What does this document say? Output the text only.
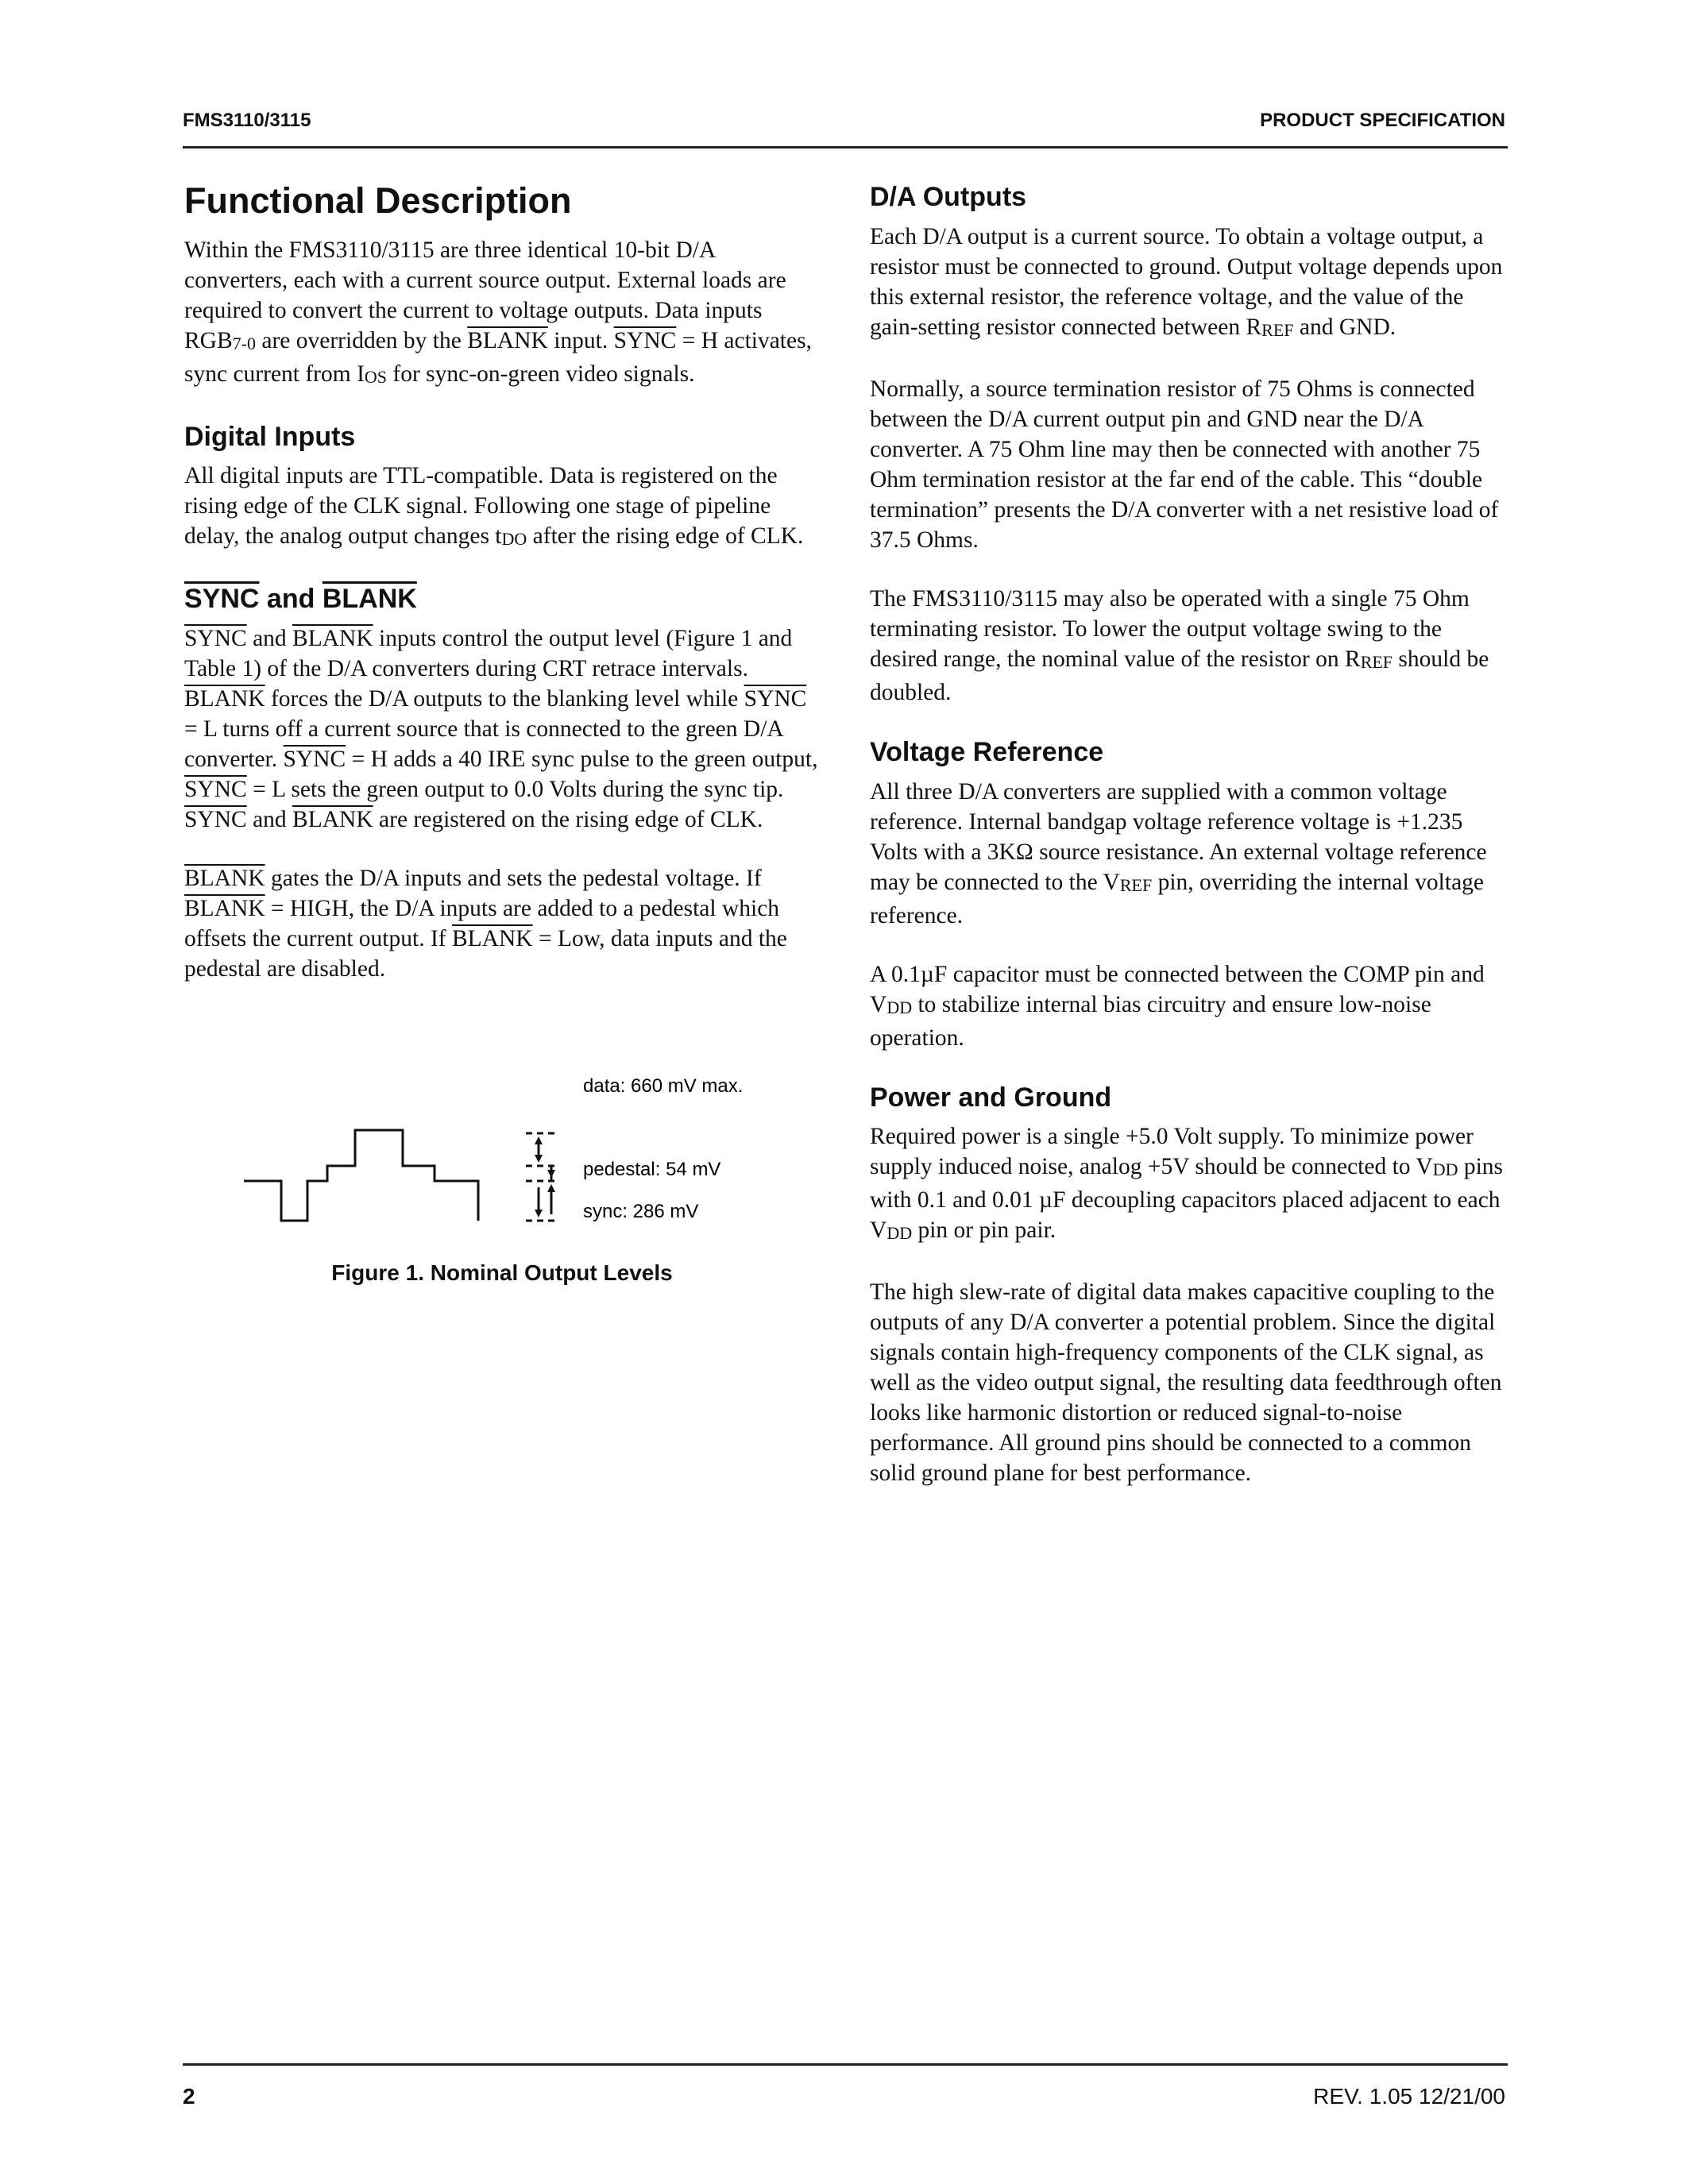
FMS3110/3115	PRODUCT SPECIFICATION
Functional Description

Within the FMS3110/3115 are three identical 10-bit D/A converters, each with a current source output. External loads are required to convert the current to voltage outputs. Data inputs RGB7-0 are overridden by the BLANK input. SYNC = H activates, sync current from IOS for sync-on-green video signals.

Digital Inputs

All digital inputs are TTL-compatible. Data is registered on the rising edge of the CLK signal. Following one stage of pipeline delay, the analog output changes tDO after the rising edge of CLK.

SYNC and BLANK

SYNC and BLANK inputs control the output level (Figure 1 and Table 1) of the D/A converters during CRT retrace intervals. BLANK forces the D/A outputs to the blanking level while SYNC = L turns off a current source that is connected to the green D/A converter. SYNC = H adds a 40 IRE sync pulse to the green output, SYNC = L sets the green output to 0.0 Volts during the sync tip. SYNC and BLANK are registered on the rising edge of CLK.

BLANK gates the D/A inputs and sets the pedestal voltage. If BLANK = HIGH, the D/A inputs are added to a pedestal which offsets the current output. If BLANK = Low, data inputs and the pedestal are disabled.

data: 660 mV max.
pedestal: 54 mV
sync: 286 mV
Figure 1. Nominal Output Levels
D/A Outputs

Each D/A output is a current source. To obtain a voltage output, a resistor must be connected to ground. Output voltage depends upon this external resistor, the reference voltage, and the value of the gain-setting resistor connected between RREF and GND.

Normally, a source termination resistor of 75 Ohms is connected between the D/A current output pin and GND near the D/A converter. A 75 Ohm line may then be connected with another 75 Ohm termination resistor at the far end of the cable. This “double termination” presents the D/A converter with a net resistive load of 37.5 Ohms.

The FMS3110/3115 may also be operated with a single 75 Ohm terminating resistor. To lower the output voltage swing to the desired range, the nominal value of the resistor on RREF should be doubled.

Voltage Reference

All three D/A converters are supplied with a common voltage reference. Internal bandgap voltage reference voltage is +1.235 Volts with a 3KΩ source resistance. An external voltage reference may be connected to the VREF pin, overriding the internal voltage reference.

A 0.1µF capacitor must be connected between the COMP pin and VDD to stabilize internal bias circuitry and ensure low-noise operation.

Power and Ground

Required power is a single +5.0 Volt supply. To minimize power supply induced noise, analog +5V should be connected to VDD pins with 0.1 and 0.01 µF decoupling capacitors placed adjacent to each VDD pin or pin pair.

The high slew-rate of digital data makes capacitive coupling to the outputs of any D/A converter a potential problem. Since the digital signals contain high-frequency components of the CLK signal, as well as the video output signal, the resulting data feedthrough often looks like harmonic distortion or reduced signal-to-noise performance. All ground pins should be connected to a common solid ground plane for best performance.

2	REV. 1.05 12/21/00
